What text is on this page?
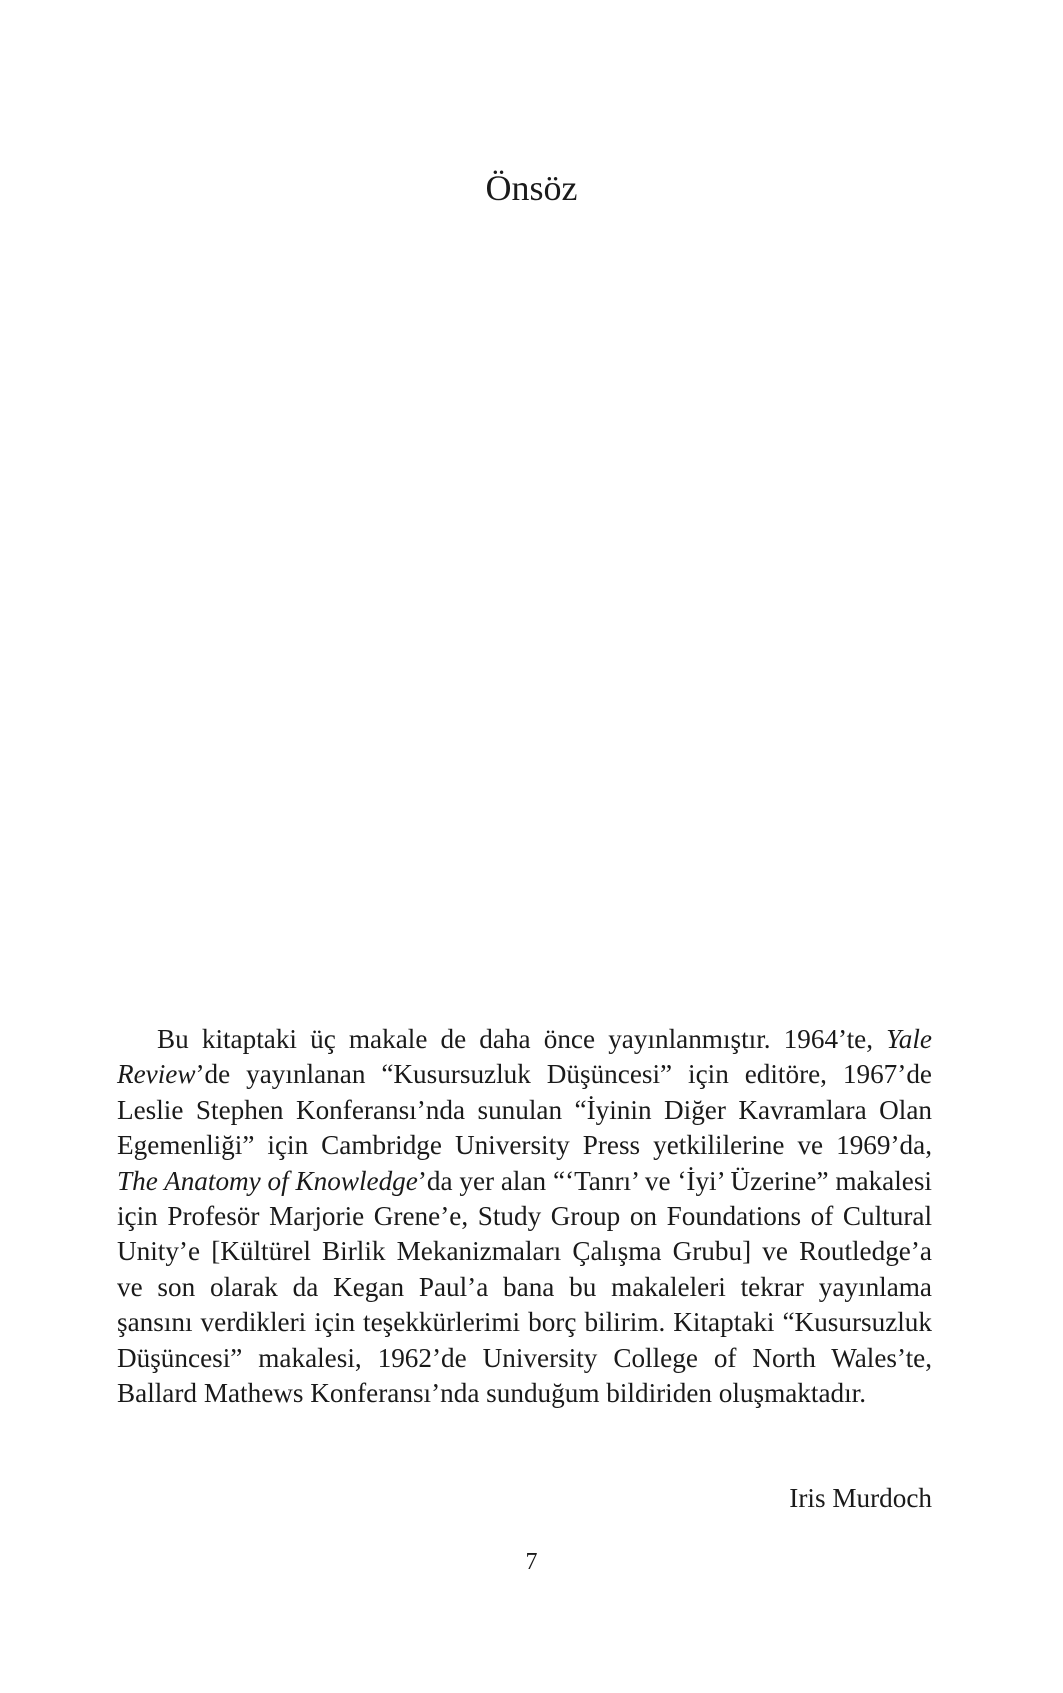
Önsöz

Bu kitaptaki üç makale de daha önce yayınlanmıştır. 1964’te, Yale Review’de yayınlanan “Kusursuzluk Düşüncesi” için editöre, 1967’de Leslie Stephen Konferansı’nda sunulan “İyinin Diğer Kavramlara Olan Egemenliği” için Cambridge University Press yetkililerine ve 1969’da, The Anatomy of Knowledge’da yer alan “‘Tanrı’ ve ‘İyi’ Üzerine” makalesi için Profesör Marjorie Grene’e, Study Group on Foundations of Cultural Unity’e [Kültürel Birlik Mekanizmaları Çalışma Grubu] ve Routledge’a ve son olarak da Kegan Paul’a bana bu makaleleri tekrar yayınlama şansını verdikleri için teşekkürlerimi borç bilirim. Kitaptaki “Kusursuzluk Düşüncesi” makalesi, 1962’de University College of North Wales’te, Ballard Mathews Konferansı’nda sunduğum bildiriden oluşmaktadır.

Iris Murdoch

7
